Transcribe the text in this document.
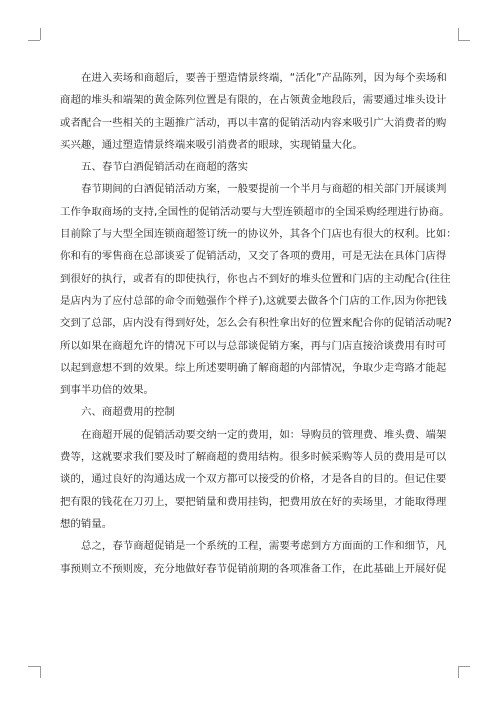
在进入卖场和商超后，要善于塑造情景终端，“活化”产品陈列，因为每个卖场和
商超的堆头和端架的黄金陈列位置是有限的，在占领黄金地段后，需要通过堆头设计
或者配合一些相关的主题推广活动，再以丰富的促销活动内容来吸引广大消费者的购
买兴趣，通过塑造情景终端来吸引消费者的眼球，实现销量大化。
五、春节白酒促销活动在商超的落实
春节期间的白酒促销活动方案，一般要提前一个半月与商超的相关部门开展谈判
工作争取商场的支持,全国性的促销活动要与大型连锁超市的全国采购经理进行协商。
目前除了与大型全国连锁商超签订统一的协议外，其各个门店也有很大的权利。比如：
你和有的零售商在总部谈妥了促销活动，又交了各项的费用，可是无法在具体门店得
到很好的执行，或者有的即使执行，你也占不到好的堆头位置和门店的主动配合(往往
是店内为了应付总部的命令而勉强作个样子),这就要去做各个门店的工作,因为你把钱
交到了总部，店内没有得到好处，怎么会有积性拿出好的位置来配合你的促销活动呢?
所以如果在商超允许的情况下可以与总部谈促销方案，再与门店直接洽谈费用有时可
以起到意想不到的效果。综上所述要明确了解商超的内部情况，争取少走弯路才能起
到事半功倍的效果。
六、商超费用的控制
在商超开展的促销活动要交纳一定的费用，如：导购员的管理费、堆头费、端架
费等，这就要求我们要及时了解商超的费用结构。很多时候采购等人员的费用是可以
谈的，通过良好的沟通达成一个双方都可以接受的价格，才是各自的目的。但记住要
把有限的钱花在刀刃上，要把销量和费用挂钩，把费用放在好的卖场里，才能取得理
想的销量。
总之，春节商超促销是一个系统的工程，需要考虑到方方面面的工作和细节，凡
事预则立不预则废，充分地做好春节促销前期的各项准备工作，在此基础上开展好促
